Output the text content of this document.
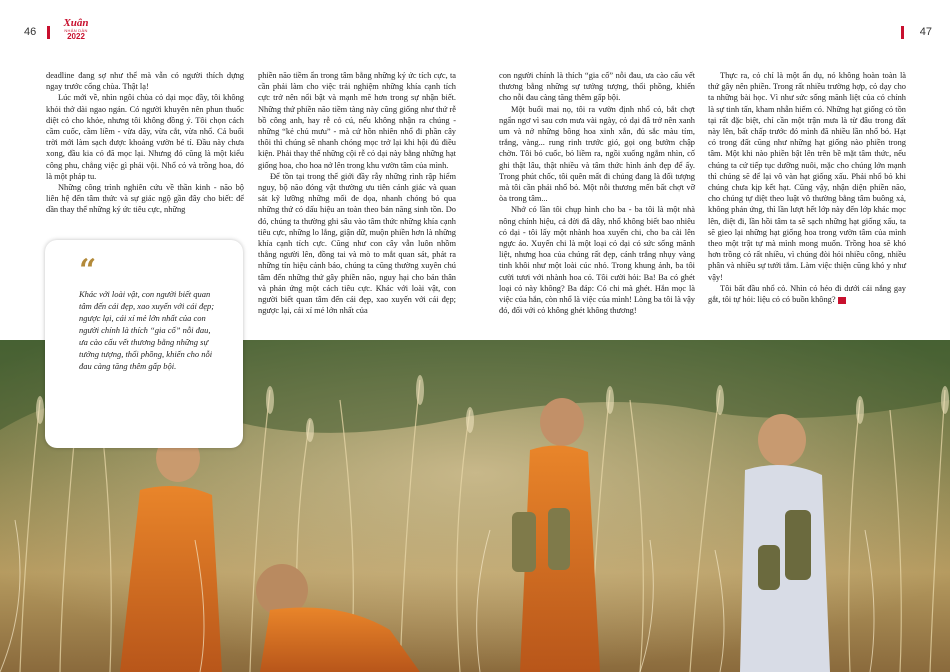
46
Xuân
NHÂN DÂN
2022	47

deadline đang sợ như thể mà vẫn có người thích dựng ngay trước cổng chùa. Thật lạ!

Lúc mới về, nhìn ngôi chùa cỏ dại mọc đầy, tôi không khỏi thở dài ngao ngán. Có người khuyên nên phun thuốc diệt cỏ cho khỏe, nhưng tôi không đồng ý. Tôi chọn cách cầm cuốc, cầm liềm - vừa dãy, vừa cắt, vừa nhổ. Cả buổi trời mới làm sạch được khoảng vườn bé tí. Đầu này chưa xong, đầu kia cỏ đã mọc lại. Nhưng đó cũng là một kiểu công phu, chẳng việc gì phải vội. Nhổ cỏ và trồng hoa, đó là một pháp tu.

Những công trình nghiên cứu về thần kinh - não bộ liên hệ đến tâm thức và sự giác ngộ gần đây cho biết: để dần thay thế những ký ức tiêu cực, những

phiền não tiềm ẩn trong tâm bằng những ký ức tích cực, ta cần phải làm cho việc trải nghiệm những khía cạnh tích cực trở nên nổi bật và mạnh mẽ hơn trong sự nhận biết. Những thứ phiền não tiềm tàng này cũng giống như thứ rễ bồ công anh, hay rễ cỏ cú, nếu không nhận ra chúng - những “kẻ chủ mưu” - mà cứ hồn nhiên nhổ đi phần cây thôi thì chúng sẽ nhanh chóng mọc trở lại khi hội đủ điều kiện. Phải thay thế những cội rễ cỏ dại này bằng những hạt giống hoa, cho hoa nở lên trong khu vườn tâm của mình.

Để tồn tại trong thế giới đầy rẫy những rình rập hiểm nguy, bộ não đóng vật thường ưu tiên cảnh giác và quan sát kỹ lưỡng những mối đe dọa, nhanh chóng bỏ qua những thứ có dấu hiệu an toàn theo bản năng sinh tồn. Do đó, chúng ta thường ghi sâu vào tâm thức những khía cạnh tiêu cực, những lo lắng, giận dữ, muộn phiền hơn là những khía cạnh tích cực. Cũng như con cây vẫn luôn nhồm thẳng người lên, đồng tai và mò to mắt quan sát, phát ra những tín hiệu cảnh báo, chúng ta cũng thường xuyên chú tâm đến những thứ gây phiền não, nguy hại cho bản thân và phản ứng một cách tiêu cực. Khác với loài vật, con người biết quan tâm đến cái đẹp, xao xuyến với cái đẹp; ngược lại, cái xí mẻ lớn nhất của

con người chính là thích “gia cố” nỗi đau, ưa cào cấu vết thương bằng những sự tưởng tượng, thổi phồng, khiến cho nỗi đau càng tăng thêm gấp bội.

Một buổi mai nọ, tôi ra vườn định nhổ cỏ, bắt chợt ngẩn ngơ vì sau cơn mưa vài ngày, cỏ dại đã trở nên xanh um và nở những bông hoa xinh xắn, đủ sắc màu tím, trắng, vàng... rung rinh trước gió, gọi ong bướm chập chờn. Tôi bỏ cuốc, bỏ liềm ra, ngồi xuống ngắm nhìn, cố ghi thật lâu, thật nhiều và tâm thức hình ảnh đẹp để ấy. Trong phút chốc, tôi quên mất đi chúng đang là đối tượng mà tôi cần phải nhổ bỏ. Một nỗi thương mến bất chợt vỡ òa trong tâm...

Nhớ có lần tôi chụp hình cho ba - ba tôi là một nhà nông chính hiệu, cả đời đã dây, nhổ không biết bao nhiêu cỏ dại - tôi lấy một nhành hoa xuyến chi, cho ba cài lên ngực áo. Xuyến chi là một loại cỏ dại có sức sống mãnh liệt, nhưng hoa của chúng rất đẹp, cánh trắng nhụy vàng tinh khôi như một loài cúc nhỏ. Trong khung ảnh, ba tôi cười tươi với nhành hoa cỏ. Tôi cười hỏi: Ba! Ba có ghét loại cỏ này không? Ba đáp: Có chi mà ghét. Hắn mọc là việc của hắn, còn nhổ là việc của mình! Lòng ba tôi là vậy đó, đối với cỏ không ghét không thương!

Thực ra, cỏ chỉ là một ẩn dụ, nó không hoàn toàn là thứ gây nên phiền. Trong rất nhiều trường hợp, cỏ dạy cho ta những bài học. Vì như sức sống mãnh liệt của cỏ chính là sự tinh tấn, kham nhẫn hiếm có. Những hạt giống cỏ tồn tại rất đặc biệt, chỉ cần một trận mưa là từ đâu trong đất này lên, bất chấp trước đó mình đã nhiều lần nhổ bỏ. Hạt cỏ trong đất cũng như những hạt giống nào phiền trong tâm. Một khi nào phiền bật lên trên bề mặt tâm thức, nếu chúng ta cứ tiếp tục dưỡng nuôi, mặc cho chúng lớn mạnh thì chúng sẽ để lại vô vàn hạt giống xấu. Phải nhổ bỏ khi chúng chưa kịp kết hạt. Cũng vậy, nhận diện phiền não, cho chúng tự diệt theo luật vô thường bằng tâm buông xả, không phán ứng, thì lần lượt hết lớp này đến lớp khác mọc lên, diệt đi, lần hồi tâm ta sẽ sạch những hạt giống xấu, ta sẽ gieo lại những hạt giống hoa trong vườn tâm của mình theo một trật tự mà mình mong muốn. Trồng hoa sẽ khó hơn trồng cỏ rất nhiều, vì chúng đòi hỏi nhiều công, nhiều phân và nhiều sự tưới tắm. Làm việc thiện cũng khó y như vậy!

Tôi bất đầu nhổ cỏ. Nhìn cỏ héo đi dưới cái nắng gay gắt, tôi tự hỏi: liệu cỏ có buồn không?

“
Khác với loài vật, con người biết quan tâm đến cái đẹp, xao xuyến với cái đẹp; ngược lại, cái xí mẻ lớn nhất của con người chính là thích “gia cố” nỗi đau, ưa cào cấu vết thương bằng những sự tưởng tượng, thổi phồng, khiến cho nỗi đau càng tăng thêm gấp bội.
